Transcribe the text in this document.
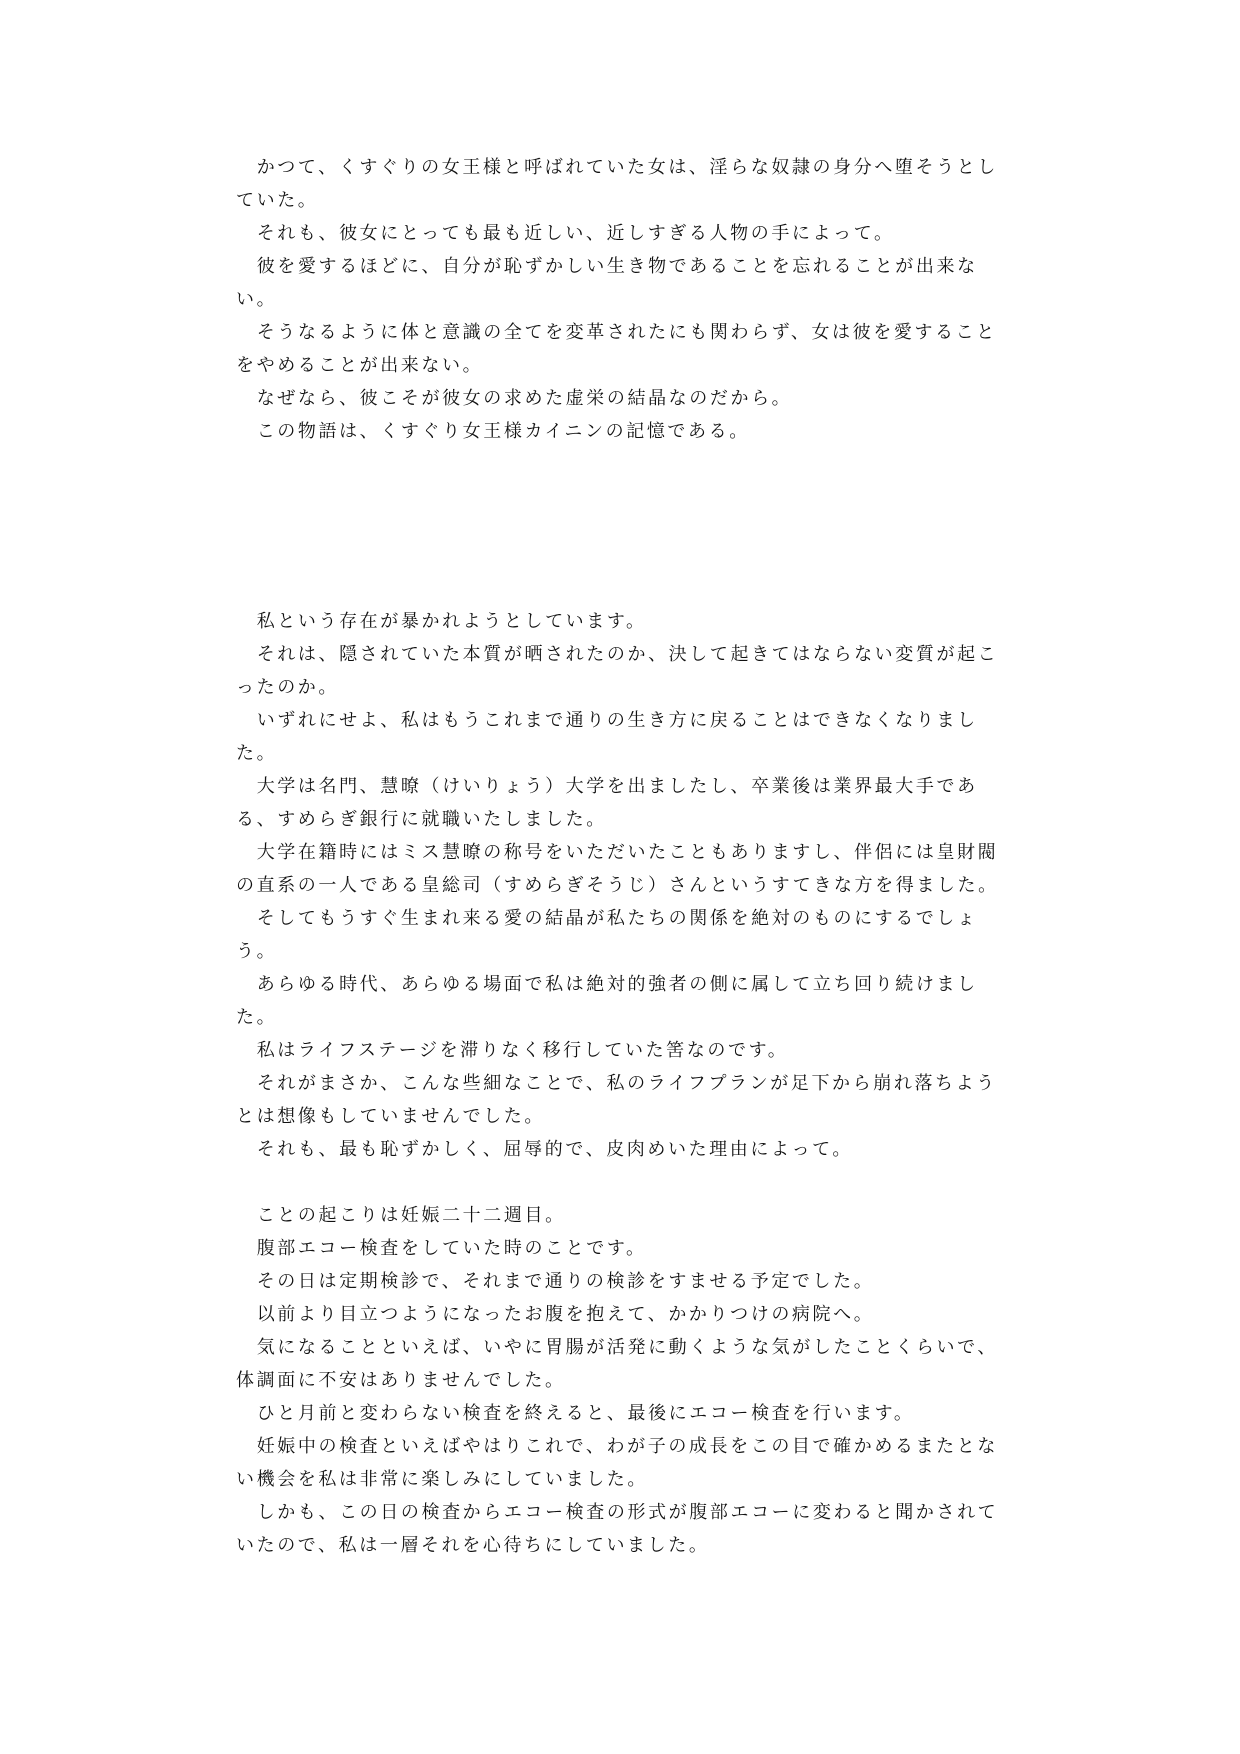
かつて、くすぐりの女王様と呼ばれていた女は、淫らな奴隷の身分へ堕そうとしていた。

それも、彼女にとっても最も近しい、近しすぎる人物の手によって。

彼を愛するほどに、自分が恥ずかしい生き物であることを忘れることが出来ない。

そうなるように体と意識の全てを変革されたにも関わらず、女は彼を愛することをやめることが出来ない。

なぜなら、彼こそが彼女の求めた虚栄の結晶なのだから。

この物語は、くすぐり女王様カイニンの記憶である。

私という存在が暴かれようとしています。

それは、隠されていた本質が晒されたのか、決して起きてはならない変質が起こったのか。

いずれにせよ、私はもうこれまで通りの生き方に戻ることはできなくなりました。

大学は名門、慧暸（けいりょう）大学を出ましたし、卒業後は業界最大手である、すめらぎ銀行に就職いたしました。

大学在籍時にはミス慧暸の称号をいただいたこともありますし、伴侶には皇財閥の直系の一人である皇総司（すめらぎそうじ）さんというすてきな方を得ました。

そしてもうすぐ生まれ来る愛の結晶が私たちの関係を絶対のものにするでしょう。

あらゆる時代、あらゆる場面で私は絶対的強者の側に属して立ち回り続けました。

私はライフステージを滞りなく移行していた筈なのです。

それがまさか、こんな些細なことで、私のライフプランが足下から崩れ落ちようとは想像もしていませんでした。

それも、最も恥ずかしく、屈辱的で、皮肉めいた理由によって。

ことの起こりは妊娠二十二週目。

腹部エコー検査をしていた時のことです。

その日は定期検診で、それまで通りの検診をすませる予定でした。

以前より目立つようになったお腹を抱えて、かかりつけの病院へ。

気になることといえば、いやに胃腸が活発に動くような気がしたことくらいで、体調面に不安はありませんでした。

ひと月前と変わらない検査を終えると、最後にエコー検査を行います。

妊娠中の検査といえばやはりこれで、わが子の成長をこの目で確かめるまたとない機会を私は非常に楽しみにしていました。

しかも、この日の検査からエコー検査の形式が腹部エコーに変わると聞かされていたので、私は一層それを心待ちにしていました。
